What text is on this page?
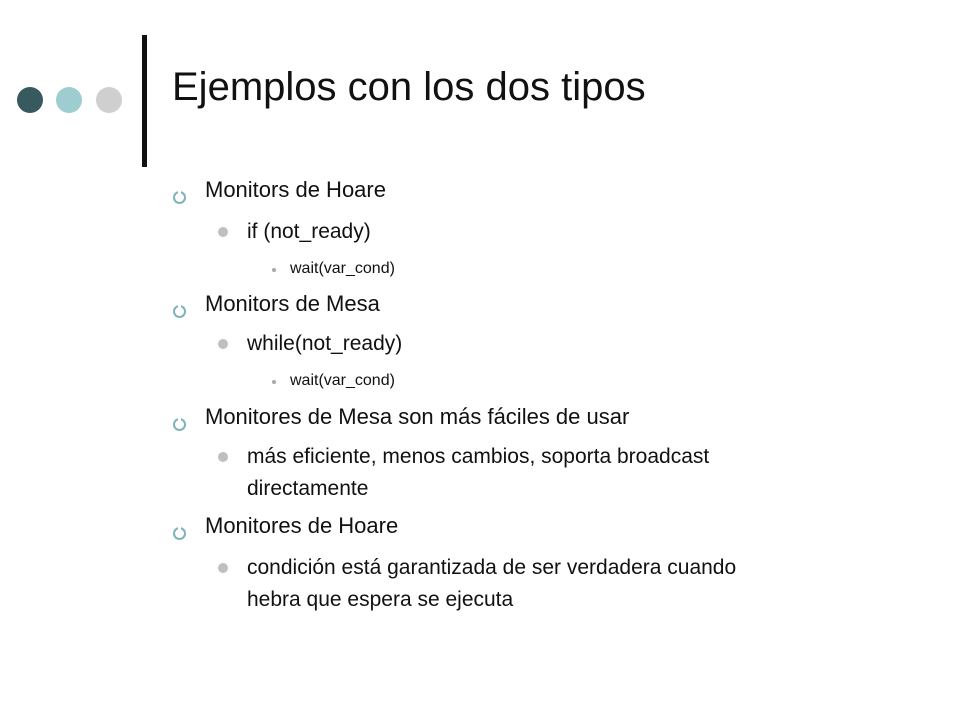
Ejemplos con los dos tipos
Monitors de Hoare
if (not_ready)
wait(var_cond)
Monitors de Mesa
while(not_ready)
wait(var_cond)
Monitores de Mesa son más fáciles de usar
más eficiente, menos cambios, soporta broadcast
directamente
Monitores de Hoare
condición está garantizada de ser verdadera cuando
hebra que espera se ejecuta
